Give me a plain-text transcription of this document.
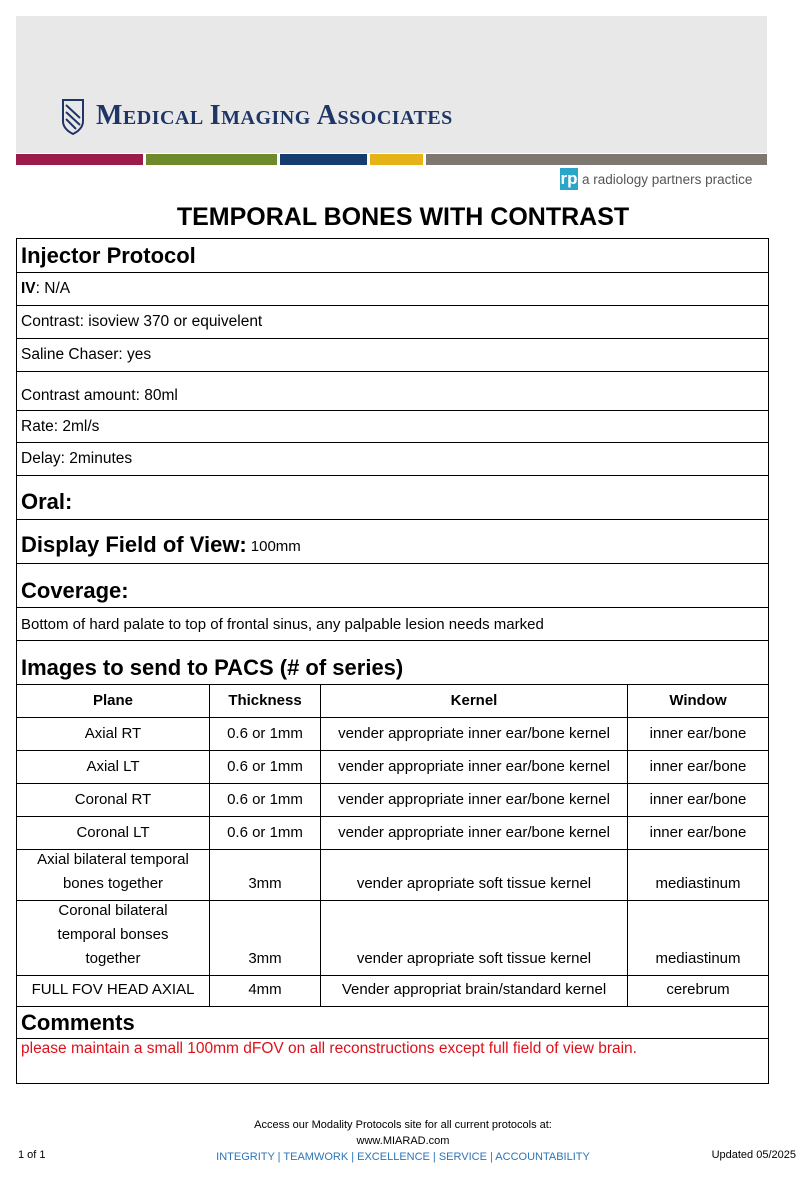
Medical Imaging Associates
rp a radiology partners practice
TEMPORAL BONES WITH CONTRAST
Injector Protocol
IV : N/A
Contrast: isoview 370 or equivelent
Saline Chaser: yes
Contrast amount: 80ml
Rate: 2ml/s
Delay: 2minutes
Oral:
Display Field of View: 100mm
Coverage:
Bottom of hard palate to top of frontal sinus, any palpable lesion needs marked
Images to send to PACS (# of series)
Plane	Thickness	Kernel	Window
Axial RT	0.6 or 1mm	vender appropriate inner ear/bone kernel	inner ear/bone
Axial LT	0.6 or 1mm	vender appropriate inner ear/bone kernel	inner ear/bone
Coronal RT	0.6 or 1mm	vender appropriate inner ear/bone kernel	inner ear/bone
Coronal LT	0.6 or 1mm	vender appropriate inner ear/bone kernel	inner ear/bone
Axial bilateral temporal bones together	3mm	vender apropriate soft tissue kernel	mediastinum
Coronal bilateral temporal bonses together	3mm	vender apropriate soft tissue kernel	mediastinum
FULL FOV HEAD AXIAL	4mm	Vender appropriat brain/standard kernel	cerebrum
Comments
please maintain a small 100mm dFOV on all reconstructions except full field of view brain.
Access our Modality Protocols site for all current protocols at:
www.MIARAD.com
INTEGRITY | TEAMWORK | EXCELLENCE | SERVICE | ACCOUNTABILITY
1 of 1	Updated 05/2025
